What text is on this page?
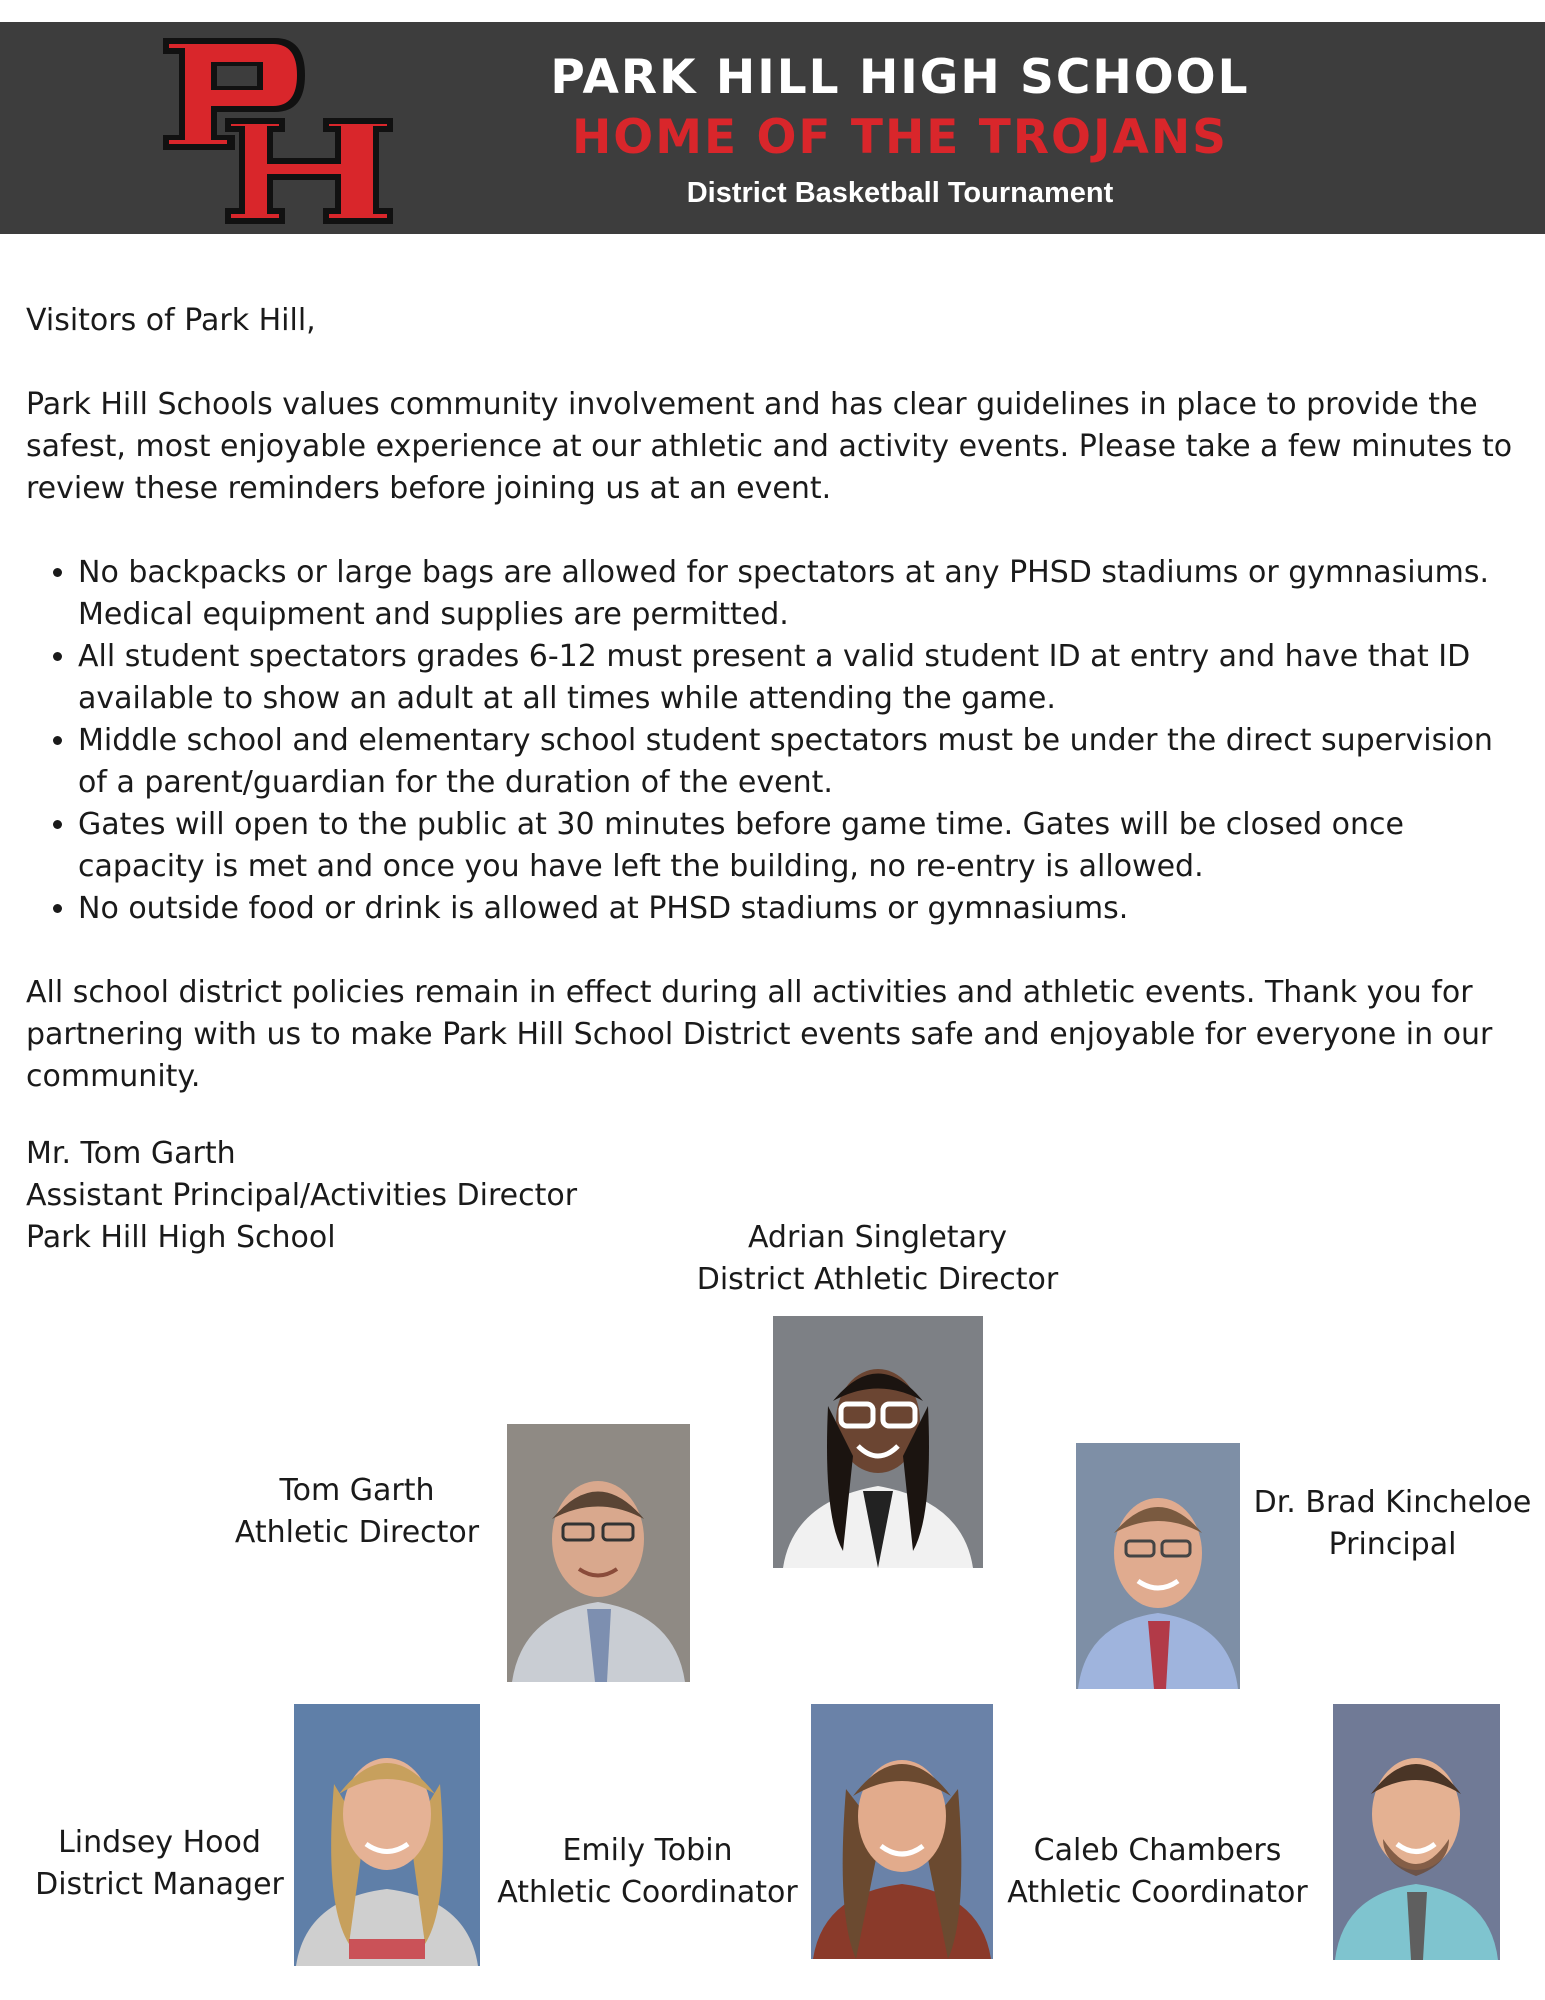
PARK HILL HIGH SCHOOL
HOME OF THE TROJANS
District Basketball Tournament

Visitors of Park Hill,

Park Hill Schools values community involvement and has clear guidelines in place to provide the safest, most enjoyable experience at our athletic and activity events. Please take a few minutes to review these reminders before joining us at an event.

• No backpacks or large bags are allowed for spectators at any PHSD stadiums or gymnasiums. Medical equipment and supplies are permitted.
• All student spectators grades 6-12 must present a valid student ID at entry and have that ID available to show an adult at all times while attending the game.
• Middle school and elementary school student spectators must be under the direct supervision of a parent/guardian for the duration of the event.
• Gates will open to the public at 30 minutes before game time. Gates will be closed once capacity is met and once you have left the building, no re-entry is allowed.
• No outside food or drink is allowed at PHSD stadiums or gymnasiums.

All school district policies remain in effect during all activities and athletic events. Thank you for partnering with us to make Park Hill School District events safe and enjoyable for everyone in our community.

Mr. Tom Garth
Assistant Principal/Activities Director
Park Hill High School	Adrian Singletary
District Athletic Director
Tom Garth
Athletic Director
Dr. Brad Kincheloe
Principal
Lindsey Hood
District Manager
Emily Tobin
Athletic Coordinator
Caleb Chambers
Athletic Coordinator
